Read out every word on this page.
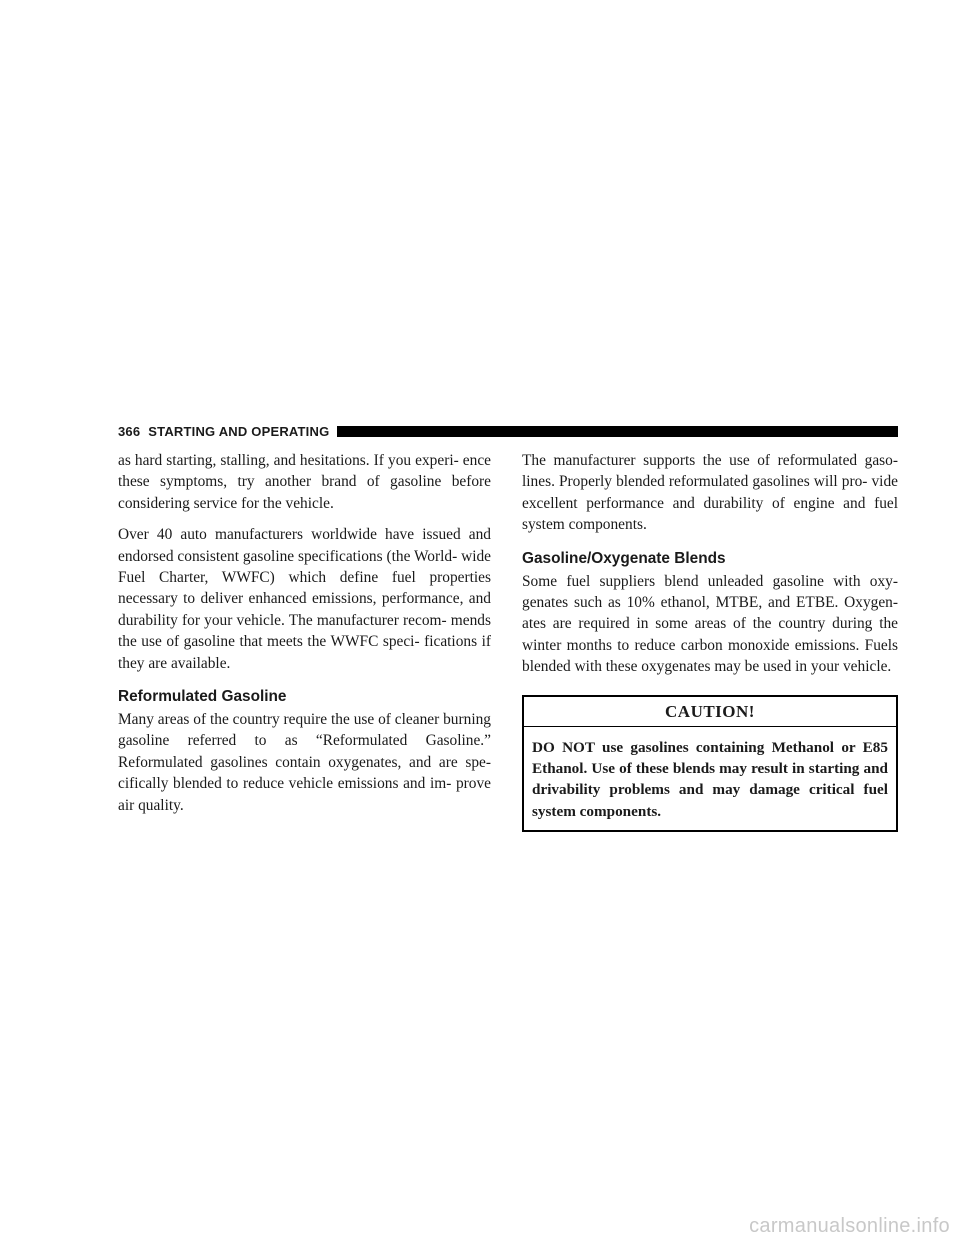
366 STARTING AND OPERATING

as hard starting, stalling, and hesitations. If you experi- ence these symptoms, try another brand of gasoline before considering service for the vehicle.

Over 40 auto manufacturers worldwide have issued and endorsed consistent gasoline specifications (the World- wide Fuel Charter, WWFC) which define fuel properties necessary to deliver enhanced emissions, performance, and durability for your vehicle. The manufacturer recom- mends the use of gasoline that meets the WWFC speci- fications if they are available.

Reformulated Gasoline

Many areas of the country require the use of cleaner burning gasoline referred to as “Reformulated Gasoline.” Reformulated gasolines contain oxygenates, and are spe- cifically blended to reduce vehicle emissions and im- prove air quality.

The manufacturer supports the use of reformulated gaso- lines. Properly blended reformulated gasolines will pro- vide excellent performance and durability of engine and fuel system components.

Gasoline/Oxygenate Blends

Some fuel suppliers blend unleaded gasoline with oxy- genates such as 10% ethanol, MTBE, and ETBE. Oxygen- ates are required in some areas of the country during the winter months to reduce carbon monoxide emissions. Fuels blended with these oxygenates may be used in your vehicle.

CAUTION!
DO NOT use gasolines containing Methanol or E85 Ethanol. Use of these blends may result in starting and drivability problems and may damage critical fuel system components.
carmanualsonline.info
